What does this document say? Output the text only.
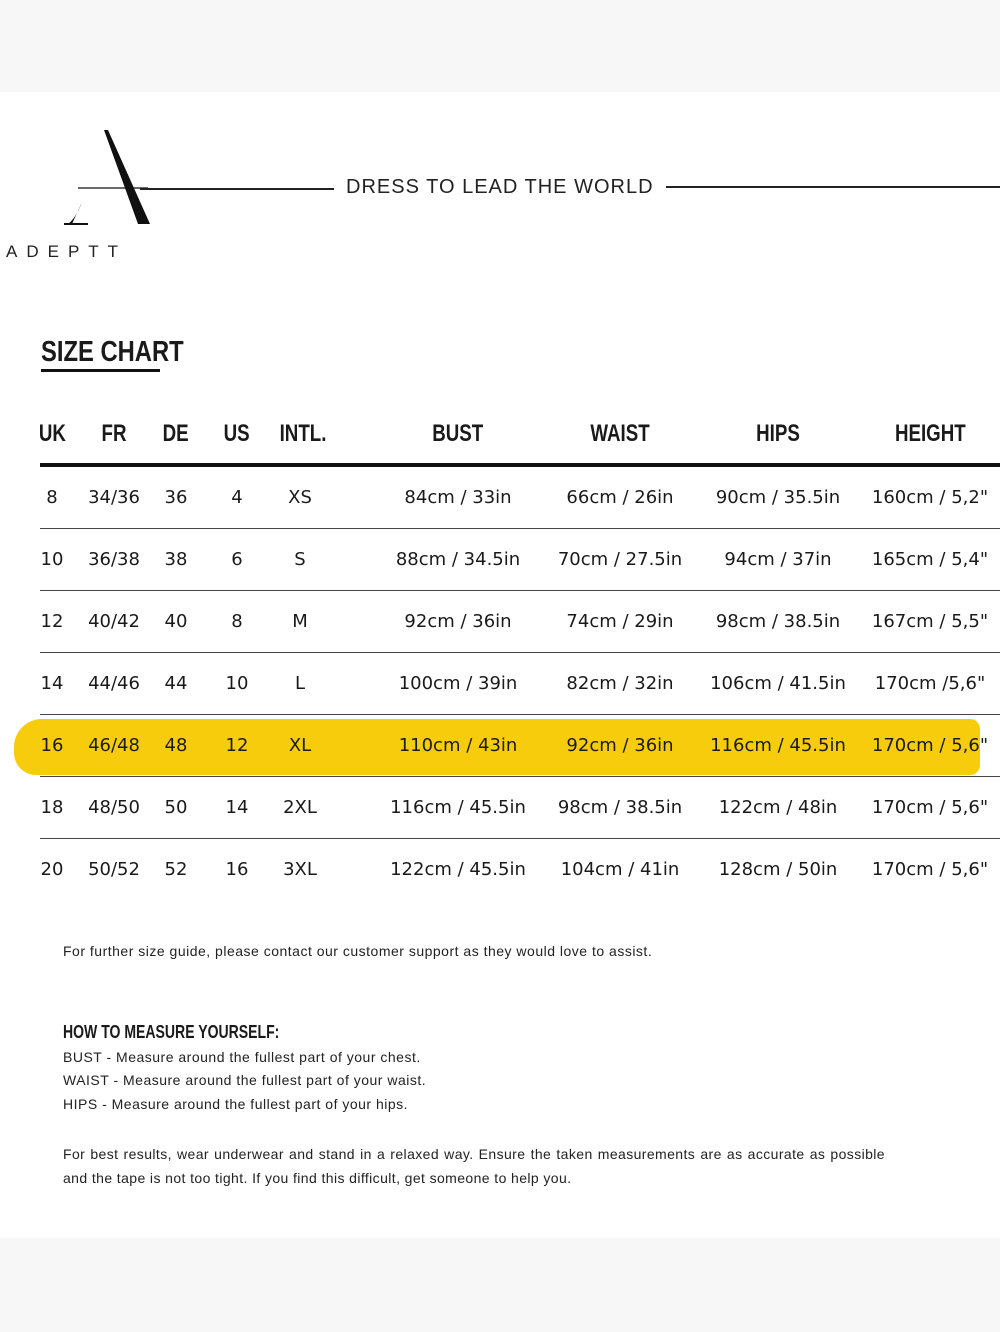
ADEPTT
DRESS TO LEAD THE WORLD
SIZE CHART
UK FR DE US INTL.	BUST	WAIST	HIPS	HEIGHT
8 34/36 36 4	XS	84cm / 33in	66cm / 26in 90cm / 35.5in 160cm / 5,2"
10 36/38 38 6	S	88cm / 34.5in 70cm / 27.5in 94cm / 37in 165cm / 5,4"
12 40/42 40 8	M	92cm / 36in	74cm / 29in 98cm / 38.5in 167cm / 5,5"
14 44/46 44 10	L	100cm / 39in	82cm / 32in 106cm / 41.5in 170cm /5,6"
16 46/48 48 12 XL	110cm / 43in	92cm / 36in 116cm / 45.5in 170cm / 5,6"
18 48/50 50 14 2XL	116cm / 45.5in 98cm / 38.5in 122cm / 48in 170cm / 5,6"
20 50/52 52 16 3XL	122cm / 45.5in 104cm / 41in 128cm / 50in 170cm / 5,6"
For further size guide, please contact our customer support as they would love to assist.
HOW TO MEASURE YOURSELF:
BUST - Measure around the fullest part of your chest.
WAIST - Measure around the fullest part of your waist.
HIPS - Measure around the fullest part of your hips.
For best results, wear underwear and stand in a relaxed way. Ensure the taken measurements are as accurate as possible and the tape is not too tight. If you find this difficult, get someone to help you.
